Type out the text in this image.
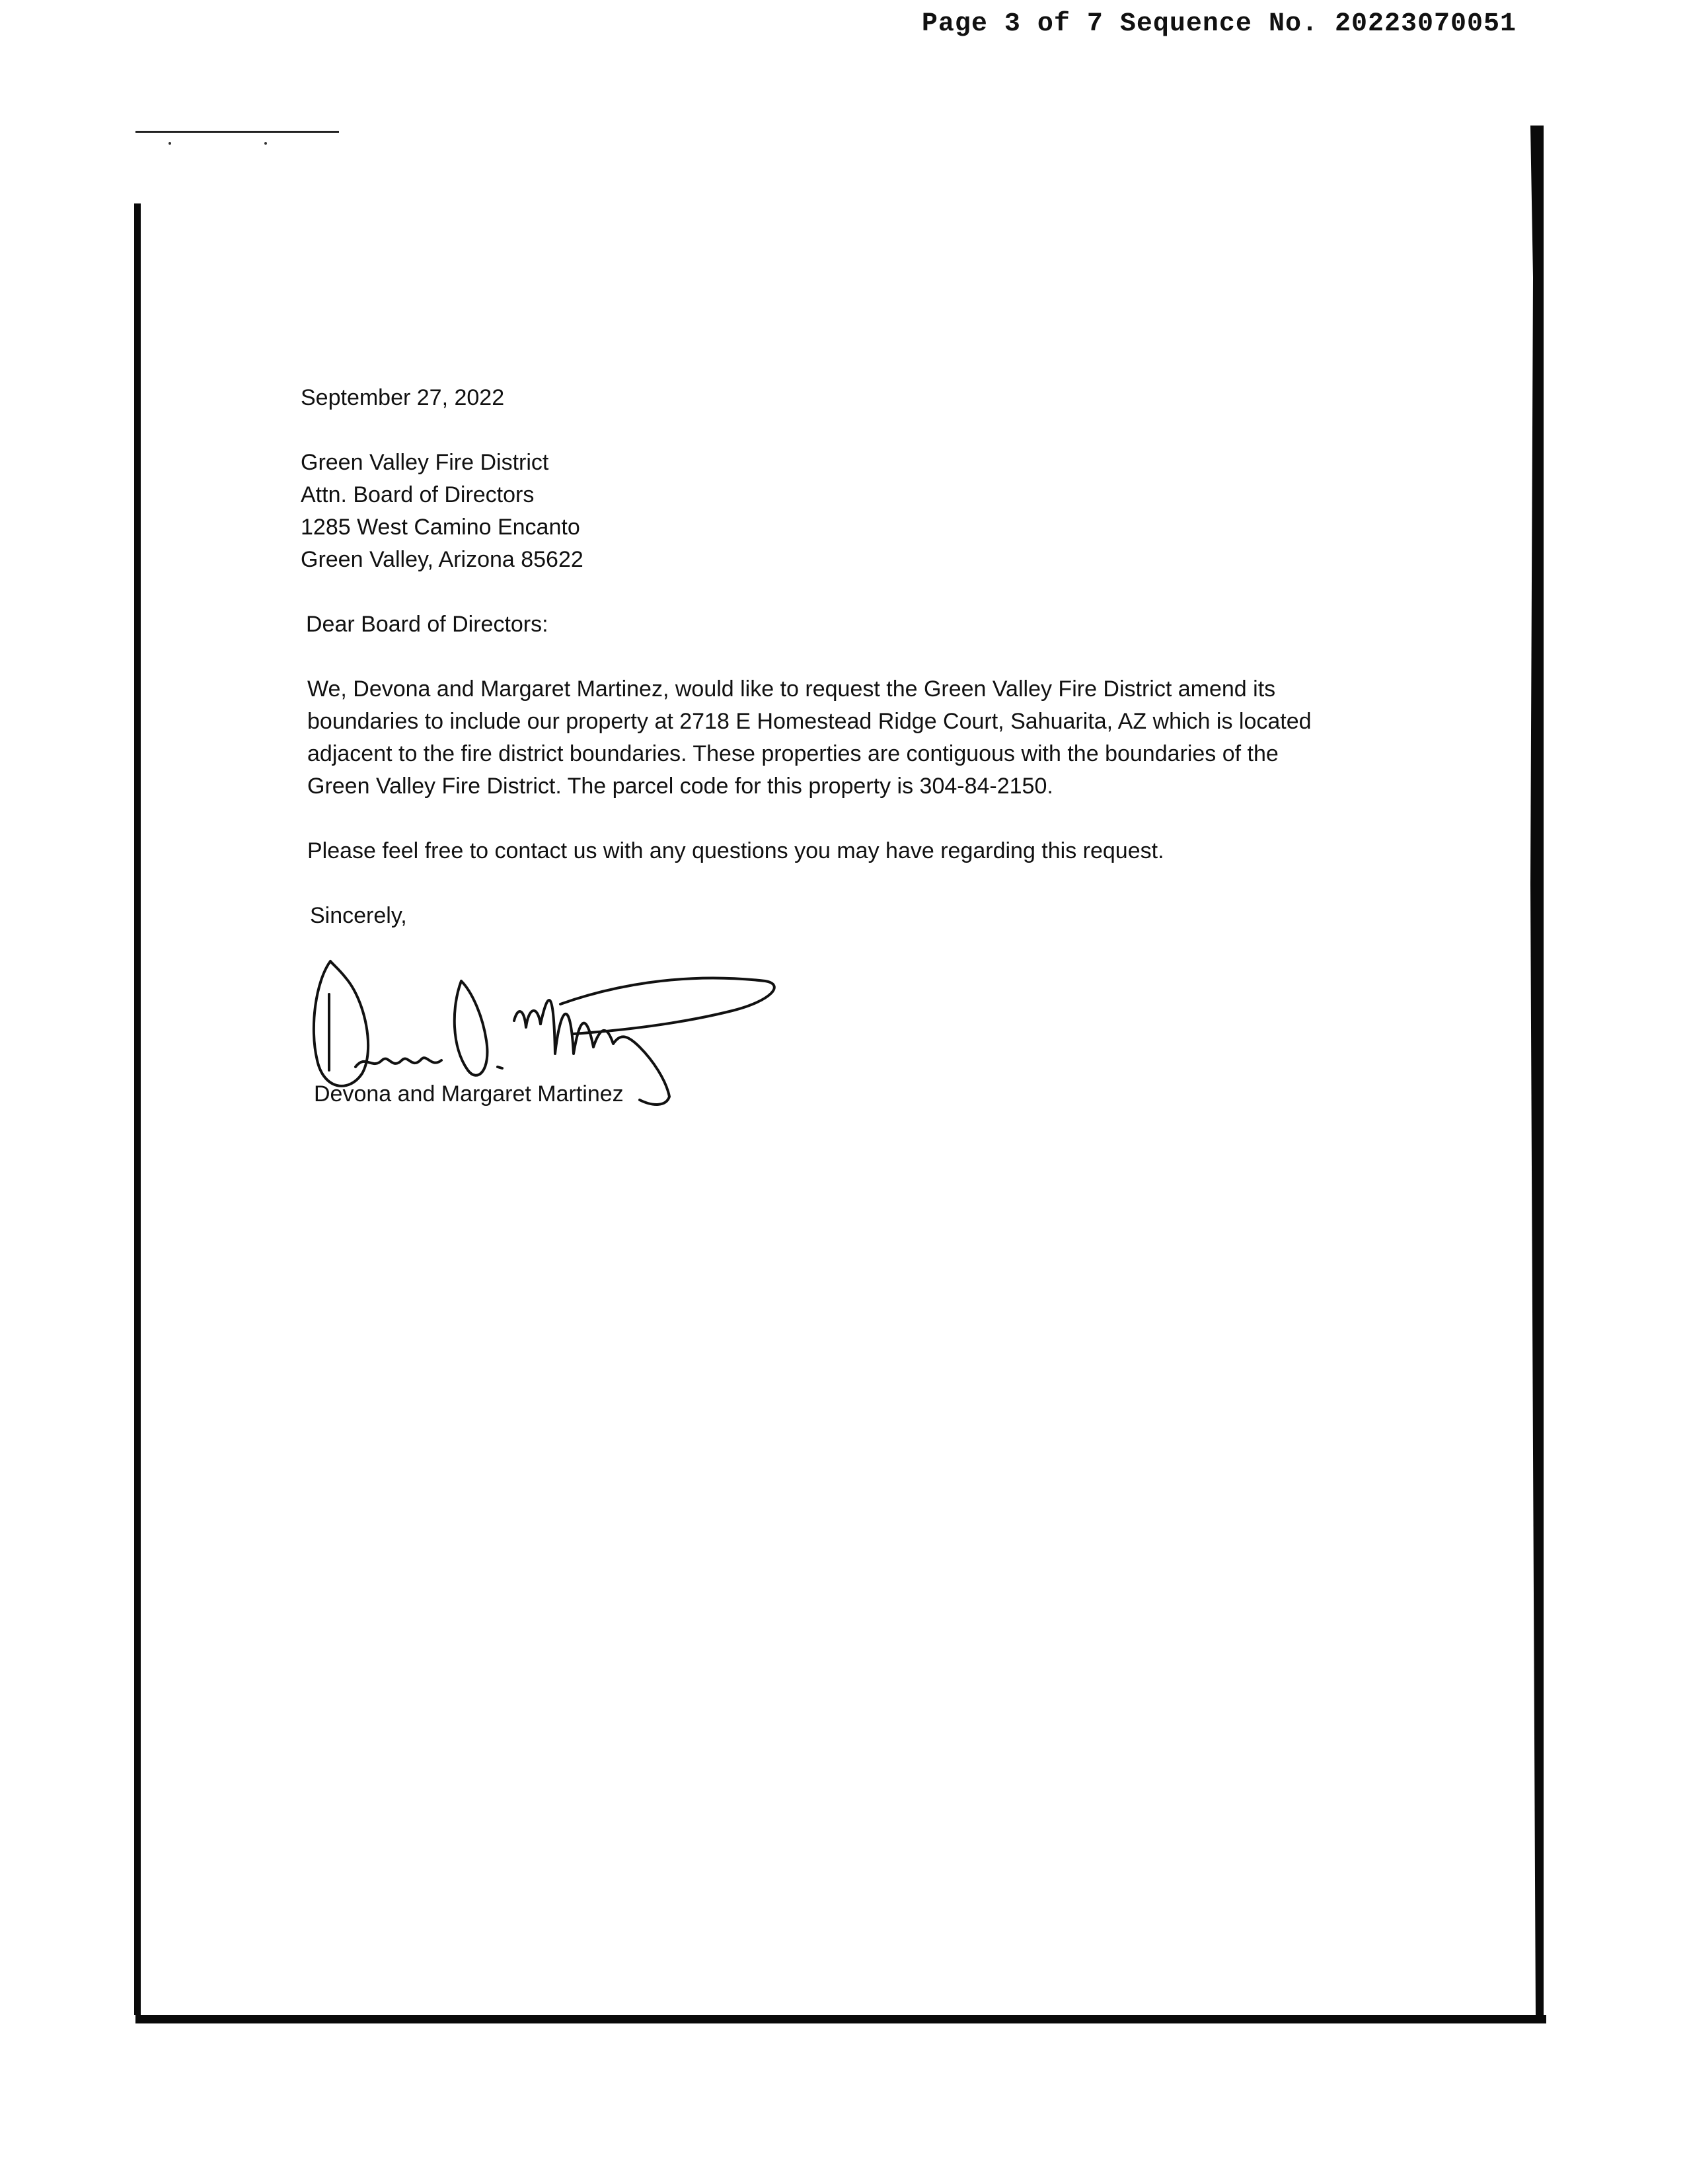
Page 3 of 7 Sequence No. 20223070051
September 27, 2022
Green Valley Fire District
Attn. Board of Directors
1285 West Camino Encanto
Green Valley, Arizona 85622
Dear Board of Directors:

We, Devona and Margaret Martinez, would like to request the Green Valley Fire District amend its boundaries to include our property at 2718 E Homestead Ridge Court, Sahuarita, AZ which is located adjacent to the fire district boundaries. These properties are contiguous with the boundaries of the Green Valley Fire District. The parcel code for this property is 304-84-2150.

Please feel free to contact us with any questions you may have regarding this request.

Sincerely,
Devona and Margaret Martinez
